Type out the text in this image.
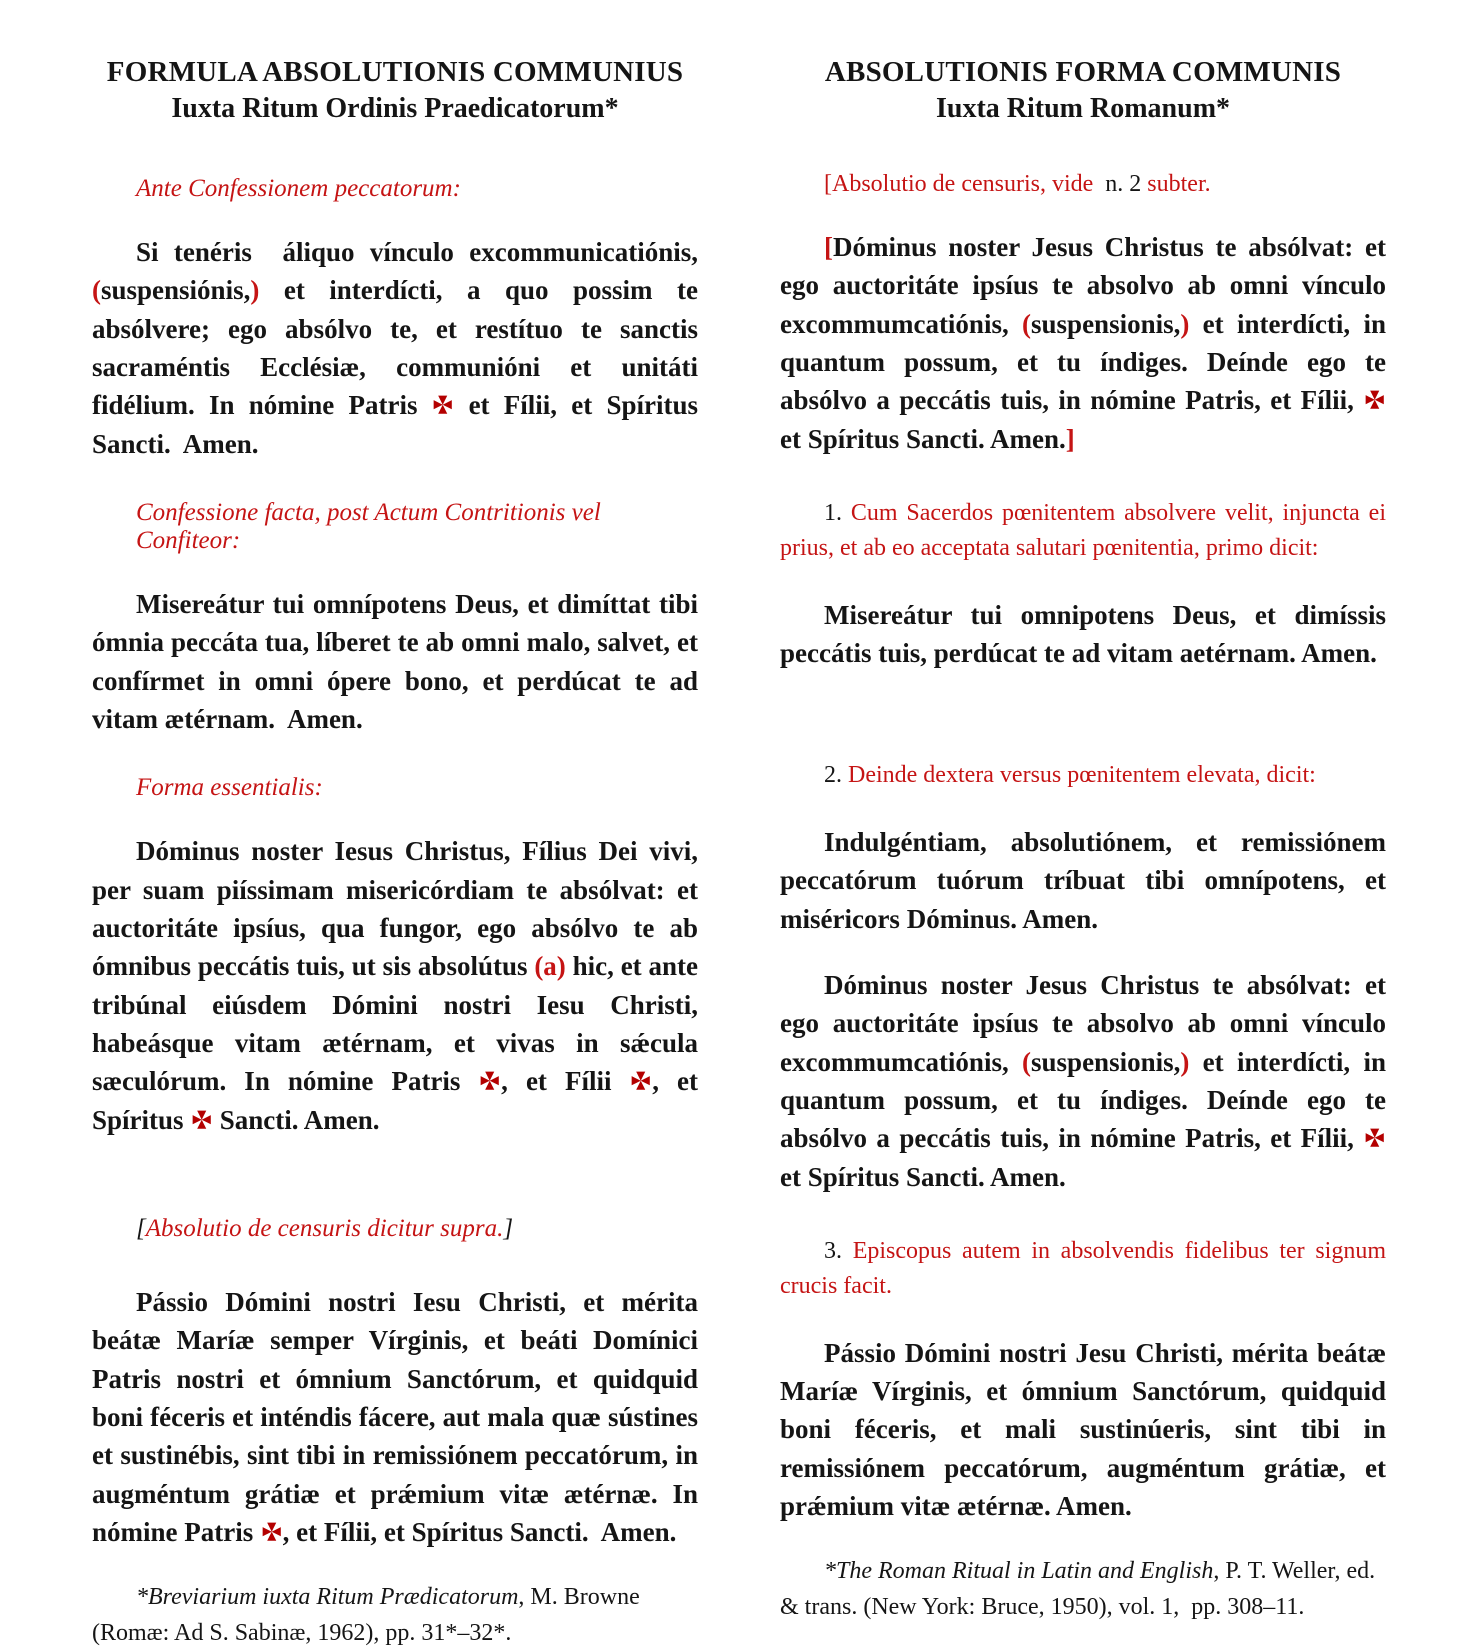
FORMULA ABSOLUTIONIS COMMUNIUS
Iuxta Ritum Ordinis Praedicatorum*

Ante Confessionem peccatorum:

Si tenéris  áliquo vínculo excommunicatiónis, (suspensiónis,) et interdícti, a quo possim te absólvere; ego absólvo te, et restítuo te sanctis sacraméntis Ecclésiæ, communióni et unitáti fidélium. In nómine Patris  et Fílii, et Spíritus Sancti.  Amen.

Confessione facta, post Actum Contritionis vel Confiteor:

Misereátur tui omnípotens Deus, et dimíttat tibi ómnia peccáta tua, líberet te ab omni malo, salvet, et confírmet in omni ópere bono, et perdúcat te ad vitam ætérnam.  Amen.

Forma essentialis:

Dóminus noster Iesus Christus, Fílius Dei vivi, per suam piíssimam misericórdiam te absólvat: et auctoritáte ipsíus, qua fungor, ego absólvo te ab ómnibus peccátis tuis, ut sis absolútus (a) hic, et ante tribúnal eiúsdem Dómini nostri Iesu Christi, habeásque vitam ætérnam, et vivas in sǽcula sæculórum. In nómine Patris , et Fílii , et Spíritus  Sancti. Amen.

[Absolutio de censuris dicitur supra.]

Pássio Dómini nostri Iesu Christi, et mérita beátæ Maríæ semper Vírginis, et beáti Domínici Patris nostri et ómnium Sanctórum, et quidquid boni féceris et inténdis fácere, aut mala quæ sústines et sustinébis, sint tibi in remissiónem peccatórum, in augméntum grátiæ et prǽmium vitæ ætérnæ. In nómine Patris , et Fílii, et Spíritus Sancti.  Amen.

*Breviarium iuxta Ritum Prædicatorum, M. Browne (Romæ: Ad S. Sabinæ, 1962), pp. 31*–32*.

ABSOLUTIONIS FORMA COMMUNIS
Iuxta Ritum Romanum*

[Absolutio de censuris, vide  n. 2 subter.

[Dóminus noster Jesus Christus te absólvat: et ego auctoritáte ipsíus te absolvo ab omni vínculo excommumcatiónis, (suspensionis,) et interdícti, in quantum possum, et tu índiges. Deínde ego te absólvo a peccátis tuis, in nómine Patris, et Fílii,  et Spíritus Sancti. Amen.]

1. Cum Sacerdos pœnitentem absolvere velit, injuncta ei prius, et ab eo acceptata salutari pœnitentia, primo dicit:

Misereátur tui omnipotens Deus, et dimíssis peccátis tuis, perdúcat te ad vitam aetérnam. Amen.

2. Deinde dextera versus pœnitentem elevata, dicit:

Indulgéntiam, absolutiónem, et remissiónem peccatórum tuórum tríbuat tibi omnípotens, et miséricors Dóminus. Amen.

Dóminus noster Jesus Christus te absólvat: et ego auctoritáte ipsíus te absolvo ab omni vínculo excommumcatiónis, (suspensionis,) et interdícti, in quantum possum, et tu índiges. Deínde ego te absólvo a peccátis tuis, in nómine Patris, et Fílii,  et Spíritus Sancti. Amen.

3. Episcopus autem in absolvendis fidelibus ter signum crucis facit.

Pássio Dómini nostri Jesu Christi, mérita beátæ Maríæ Vírginis, et ómnium Sanctórum, quidquid boni féceris, et mali sustinúeris, sint tibi in remissiónem peccatórum, augméntum grátiæ, et prǽmium vitæ ætérnæ. Amen.

*The Roman Ritual in Latin and English, P. T. Weller, ed. & trans. (New York: Bruce, 1950), vol. 1,  pp. 308–11.
